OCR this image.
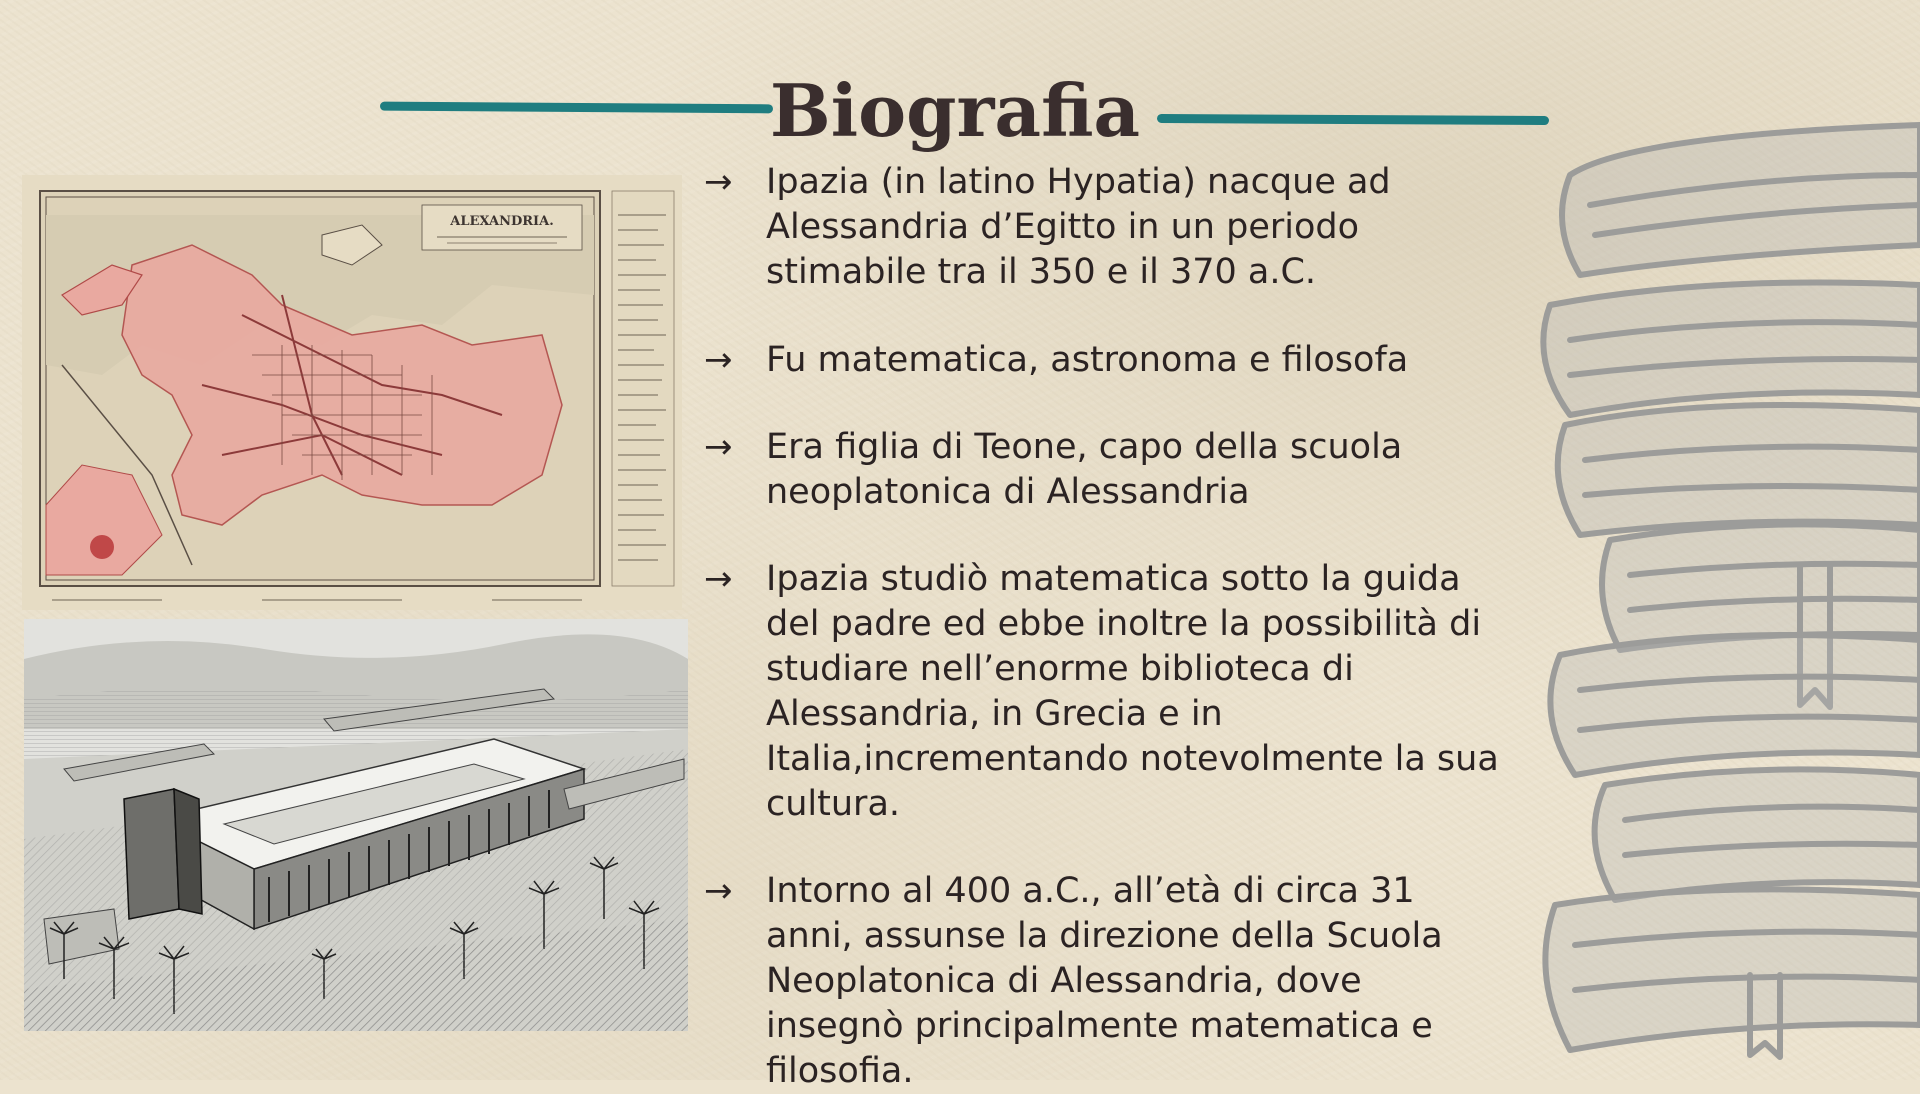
Biografia
ALEXANDRIA.
→ Ipazia (in latino Hypatia) nacque ad Alessandria d’Egitto in un periodo stimabile tra il 350 e il 370 a.C.
→ Fu matematica, astronoma e filosofa
→ Era figlia di Teone, capo della scuola neoplatonica di Alessandria
→ Ipazia studiò matematica sotto la guida del padre ed ebbe inoltre la possibilità di studiare nell’enorme biblioteca di Alessandria, in Grecia e in Italia,incrementando notevolmente la sua cultura.
→ Intorno al 400 a.C., all’età di circa 31 anni, assunse la direzione della Scuola Neoplatonica di Alessandria, dove insegnò principalmente matematica e filosofia.
